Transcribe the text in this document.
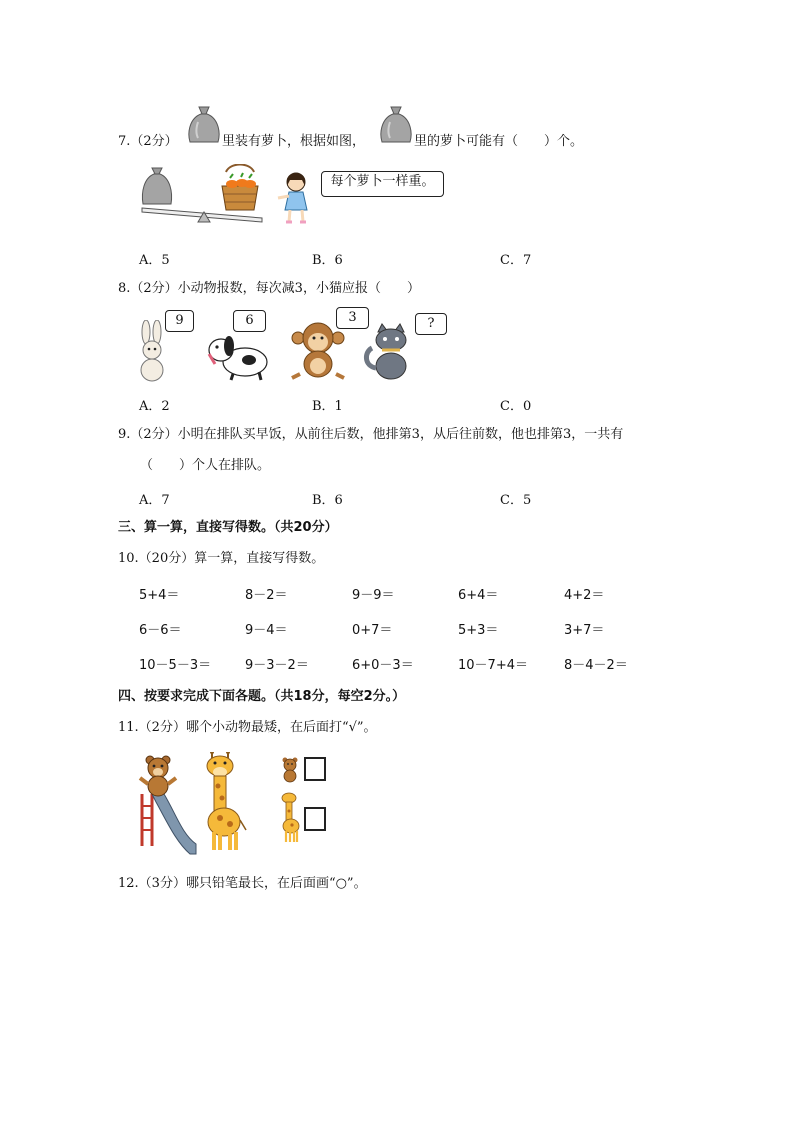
7.（2分）	里装有萝卜，根据如图，	里的萝卜可能有（　　）个。
每个萝卜一样重。
A．5	B．6	C．7
8.（2分）小动物报数，每次减3，小猫应报（　　）
9	6	3	?
A．2	B．1	C．0
9.（2分）小明在排队买早饭，从前往后数，他排第3，从后往前数，他也排第3，一共有
（　　）个人在排队。
A．7	B．6	C．5
三、算一算，直接写得数。（共20分）
10.（20分）算一算，直接写得数。
5+4＝	8－2＝	9－9＝	6+4＝	4+2＝
6－6＝	9－4＝	0+7＝	5+3＝	3+7＝
10－5－3＝	9－3－2＝	6+0－3＝	10－7+4＝	8－4－2＝
四、按要求完成下面各题。（共18分，每空2分。）
11.（2分）哪个小动物最矮，在后面打“√”。
12.（3分）哪只铅笔最长，在后面画“○”。
